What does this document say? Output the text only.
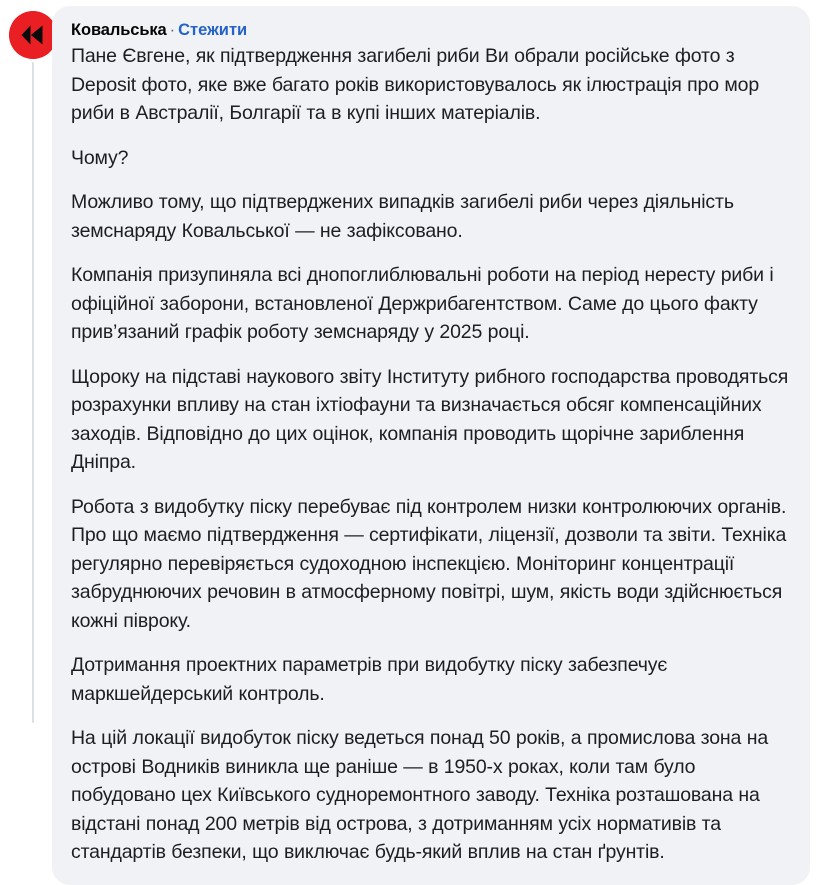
Ковальська · Стежити

Пане Євгене, як підтвердження загибелі риби Ви обрали російське фото з Deposit фото, яке вже багато років використовувалось як ілюстрація про мор риби в Австралії, Болгарії та в купі інших матеріалів.

Чому?

Можливо тому, що підтверджених випадків загибелі риби через діяльність земснаряду Ковальської — не зафіксовано.

Компанія призупиняла всі днопоглиблювальні роботи на період нересту риби і офіційної заборони, встановленої Держрибагентством. Саме до цього факту прив’язаний графік роботу земснаряду у 2025 році.

Щороку на підставі наукового звіту Інституту рибного господарства проводяться розрахунки впливу на стан іхтіофауни та визначається обсяг компенсаційних заходів. Відповідно до цих оцінок, компанія проводить щорічне зариблення Дніпра.

Робота з видобутку піску перебуває під контролем низки контролюючих органів. Про що маємо підтвердження — сертифікати, ліцензії, дозволи та звіти. Техніка регулярно перевіряється судоходною інспекцією. Моніторинг концентрації забруднюючих речовин в атмосферному повітрі, шум, якість води здійснюється кожні півроку.

Дотримання проектних параметрів при видобутку піску забезпечує маркшейдерський контроль.

На цій локації видобуток піску ведеться понад 50 років, а промислова зона на острові Водників виникла ще раніше — в 1950-х роках, коли там було побудовано цех Київського судноремонтного заводу. Техніка розташована на відстані понад 200 метрів від острова, з дотриманням усіх нормативів та стандартів безпеки, що виключає будь-який вплив на стан ґрунтів.
